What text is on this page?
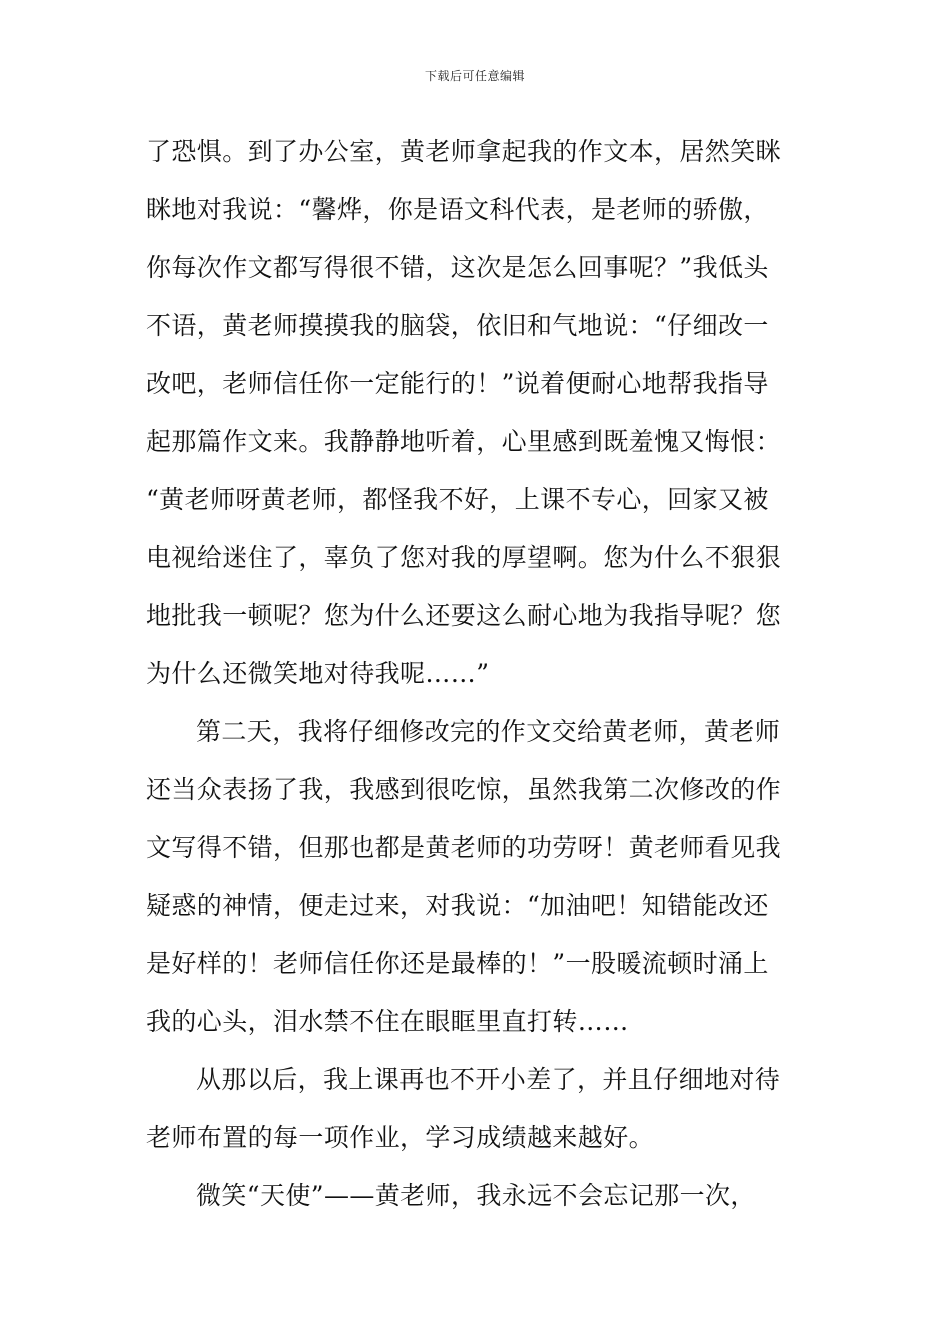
下载后可任意编辑
了恐惧。到了办公室，黄老师拿起我的作文本，居然笑眯
眯地对我说：“馨烨，你是语文科代表，是老师的骄傲，
你每次作文都写得很不错，这次是怎么回事呢？”我低头
不语，黄老师摸摸我的脑袋，依旧和气地说：“仔细改一
改吧，老师信任你一定能行的！”说着便耐心地帮我指导
起那篇作文来。我静静地听着，心里感到既羞愧又悔恨：
“黄老师呀黄老师，都怪我不好，上课不专心，回家又被
电视给迷住了，辜负了您对我的厚望啊。您为什么不狠狠
地批我一顿呢？您为什么还要这么耐心地为我指导呢？您
为什么还微笑地对待我呢……”
第二天，我将仔细修改完的作文交给黄老师，黄老师
还当众表扬了我，我感到很吃惊，虽然我第二次修改的作
文写得不错，但那也都是黄老师的功劳呀！黄老师看见我
疑惑的神情，便走过来，对我说：“加油吧！知错能改还
是好样的！老师信任你还是最棒的！”一股暖流顿时涌上
我的心头，泪水禁不住在眼眶里直打转……
从那以后，我上课再也不开小差了，并且仔细地对待
老师布置的每一项作业，学习成绩越来越好。
微笑“天使”——黄老师，我永远不会忘记那一次，
